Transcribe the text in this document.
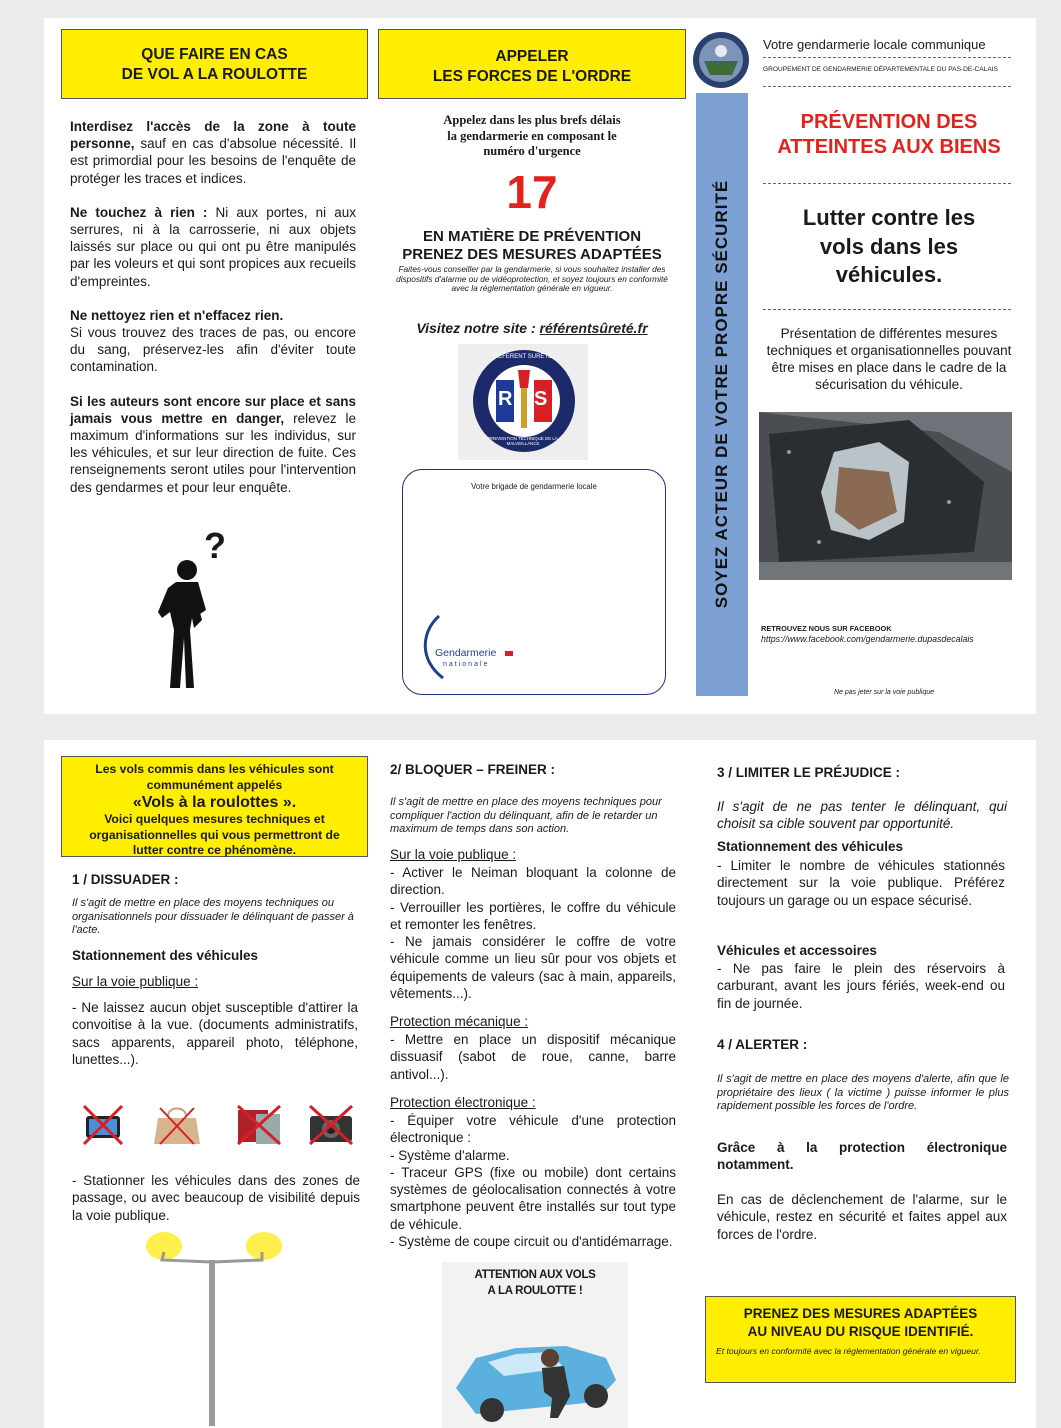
QUE FAIRE EN CAS
DE VOL A LA ROULOTTE

Interdisez l'accès de la zone à toute personne, sauf en cas d'absolue nécessité. Il est primordial pour les besoins de l'enquête de protéger les traces et indices.

Ne touchez à rien : Ni aux portes, ni aux serrures, ni à la carrosserie, ni aux objets laissés sur place ou qui ont pu être manipulés par les voleurs et qui sont propices aux recueils d'empreintes.

Ne nettoyez rien et n'effacez rien.

Si vous trouvez des traces de pas, ou encore du sang, préservez-les afin d'éviter toute contamination.

Si les auteurs sont encore sur place et sans jamais vous mettre en danger, relevez le maximum d'informations sur les individus, sur les véhicules, et sur leur direction de fuite. Ces renseignements seront utiles pour l'intervention des gendarmes et pour leur enquête.

?
APPELER
LES FORCES DE L'ORDRE
Appelez dans les plus brefs délais
la gendarmerie en composant le
numéro d'urgence
17
EN MATIÈRE DE PRÉVENTION
PRENEZ DES MESURES ADAPTÉES
Faites-vous conseiller par la gendarmerie, si vous souhaitez installer des dispositifs d'alarme ou de vidéoprotection, et soyez toujours en conformité avec la réglementation générale en vigueur.
Visitez notre site : référentsûreté.fr
R S
REFERENT SURETE
PREVENTION TECHNIQUE DE LA MALVEILLANCE
Votre brigade de gendarmerie locale
Gendarmerie
nationale
SOYEZ ACTEUR DE VOTRE PROPRE SÉCURITÉ
Votre gendarmerie locale communique
GROUPEMENT DE GENDARMERIE DÉPARTEMENTALE DU PAS-DE-CALAIS
PRÉVENTION DES
ATTEINTES AUX BIENS
Lutter contre les
vols dans les
véhicules.
Présentation de différentes mesures techniques et organisationnelles pouvant être mises en place dans le cadre de la sécurisation du véhicule.
RETROUVEZ NOUS SUR FACEBOOK
https://www.facebook.com/gendarmerie.dupasdecalais
Ne pas jeter sur la voie publique
Les vols commis dans les véhicules sont
communément appelés
«Vols à la roulottes ».
Voici quelques mesures techniques et
organisationnelles qui vous permettront de
lutter contre ce phénomène.
1 / DISSUADER :
Il s'agit de mettre en place des moyens techniques ou organisationnels pour dissuader le délinquant de passer à l'acte.
Stationnement des véhicules
Sur la voie publique :
- Ne laissez aucun objet susceptible d'attirer la convoitise à la vue. (documents administratifs, sacs apparents, appareil photo, téléphone, lunettes...).
- Stationner les véhicules dans des zones de passage, ou avec beaucoup de visibilité depuis la voie publique.
2/ BLOQUER – FREINER :
Il s'agit de mettre en place des moyens techniques pour compliquer l'action du délinquant, afin de le retarder un maximum de temps dans son action.
Sur la voie publique :

- Activer le Neiman bloquant la colonne de direction.

- Verrouiller les portières, le coffre du véhicule et remonter les fenêtres.

- Ne jamais considérer le coffre de votre véhicule comme un lieu sûr pour vos objets et équipements de valeurs (sac à main, appareils, vêtements...).

Protection mécanique :
- Mettre en place un dispositif mécanique dissuasif (sabot de roue, canne, barre antivol...).
Protection électronique :

- Équiper votre véhicule d'une protection électronique :

- Système d'alarme.

- Traceur GPS (fixe ou mobile) dont certains systèmes de géolocalisation connectés à votre smartphone peuvent être installés sur tout type de véhicule.

- Système de coupe circuit ou d'antidémarrage.

ATTENTION AUX VOLS
A LA ROULOTTE !
3 / LIMITER LE PRÉJUDICE :
Il s'agit de ne pas tenter le délinquant, qui choisit sa cible souvent par opportunité.
Stationnement des véhicules
- Limiter le nombre de véhicules stationnés directement sur la voie publique. Préférez toujours un garage ou un espace sécurisé.
Véhicules et accessoires
- Ne pas faire le plein des réservoirs à carburant, avant les jours fériés, week-end ou fin de journée.
4 / ALERTER :
Il s'agit de mettre en place des moyens d'alerte, afin que le propriétaire des lieux ( la victime ) puisse informer le plus rapidement possible les forces de l'ordre.
Grâce à la protection électronique notamment.
En cas de déclenchement de l'alarme, sur le véhicule, restez en sécurité et faites appel aux forces de l'ordre.
PRENEZ DES MESURES ADAPTÉES
AU NIVEAU DU RISQUE IDENTIFIÉ.
Et toujours en conformité avec la réglementation générale en vigueur.
